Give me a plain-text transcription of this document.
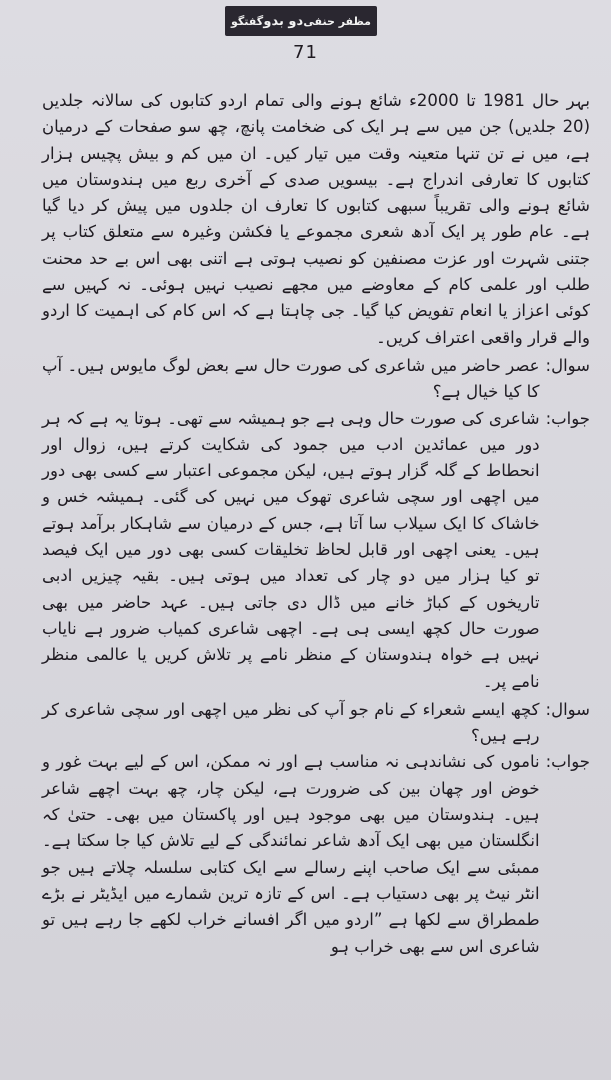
مظفر حنفی
دو بدو
گفتگو
71

بہر حال 1981 تا 2000ء شائع ہونے والی تمام اردو کتابوں کی سالانہ جلدیں (20 جلدیں) جن میں سے ہر ایک کی ضخامت پانچ، چھ سو صفحات کے درمیان ہے، میں نے تن تنہا متعینہ وقت میں تیار کیں۔ ان میں کم و بیش پچیس ہزار کتابوں کا تعارفی اندراج ہے۔ بیسویں صدی کے آخری ربع میں ہندوستان میں شائع ہونے والی تقریباً سبھی کتابوں کا تعارف ان جلدوں میں پیش کر دیا گیا ہے۔ عام طور پر ایک آدھ شعری مجموعے یا فکشن وغیرہ سے متعلق کتاب پر جتنی شہرت اور عزت مصنفین کو نصیب ہوتی ہے اتنی بھی اس بے حد محنت طلب اور علمی کام کے معاوضے میں مجھے نصیب نہیں ہوئی۔ نہ کہیں سے کوئی اعزاز یا انعام تفویض کیا گیا۔ جی چاہتا ہے کہ اس کام کی اہمیت کا اردو والے قرار واقعی اعتراف کریں۔

سوال:
عصر حاضر میں شاعری کی صورت حال سے بعض لوگ مایوس ہیں۔ آپ کا کیا خیال ہے؟
جواب:
شاعری کی صورت حال وہی ہے جو ہمیشہ سے تھی۔ ہوتا یہ ہے کہ ہر دور میں عمائدین ادب میں جمود کی شکایت کرتے ہیں، زوال اور انحطاط کے گلہ گزار ہوتے ہیں، لیکن مجموعی اعتبار سے کسی بھی دور میں اچھی اور سچی شاعری تھوک میں نہیں کی گئی۔ ہمیشہ خس و خاشاک کا ایک سیلاب سا آتا ہے، جس کے درمیان سے شاہکار برآمد ہوتے ہیں۔ یعنی اچھی اور قابل لحاظ تخلیقات کسی بھی دور میں ایک فیصد تو کیا ہزار میں دو چار کی تعداد میں ہوتی ہیں۔ بقیہ چیزیں ادبی تاریخوں کے کباڑ خانے میں ڈال دی جاتی ہیں۔ عہد حاضر میں بھی صورت حال کچھ ایسی ہی ہے۔ اچھی شاعری کمیاب ضرور ہے نایاب نہیں ہے خواہ ہندوستان کے منظر نامے پر تلاش کریں یا عالمی منظر نامے پر۔
سوال:
کچھ ایسے شعراء کے نام جو آپ کی نظر میں اچھی اور سچی شاعری کر رہے ہیں؟
جواب:
ناموں کی نشاندہی نہ مناسب ہے اور نہ ممکن، اس کے لیے بہت غور و خوض اور چھان بین کی ضرورت ہے، لیکن چار، چھ بہت اچھے شاعر ہیں۔ ہندوستان میں بھی موجود ہیں اور پاکستان میں بھی۔ حتیٰ کہ انگلستان میں بھی ایک آدھ شاعر نمائندگی کے لیے تلاش کیا جا سکتا ہے۔ ممبئی سے ایک صاحب اپنے رسالے سے ایک کتابی سلسلہ چلاتے ہیں جو انٹر نیٹ پر بھی دستیاب ہے۔ اس کے تازہ ترین شمارے میں ایڈیٹر نے بڑے طمطراق سے لکھا ہے ”اردو میں اگر افسانے خراب لکھے جا رہے ہیں تو شاعری اس سے بھی خراب ہو
